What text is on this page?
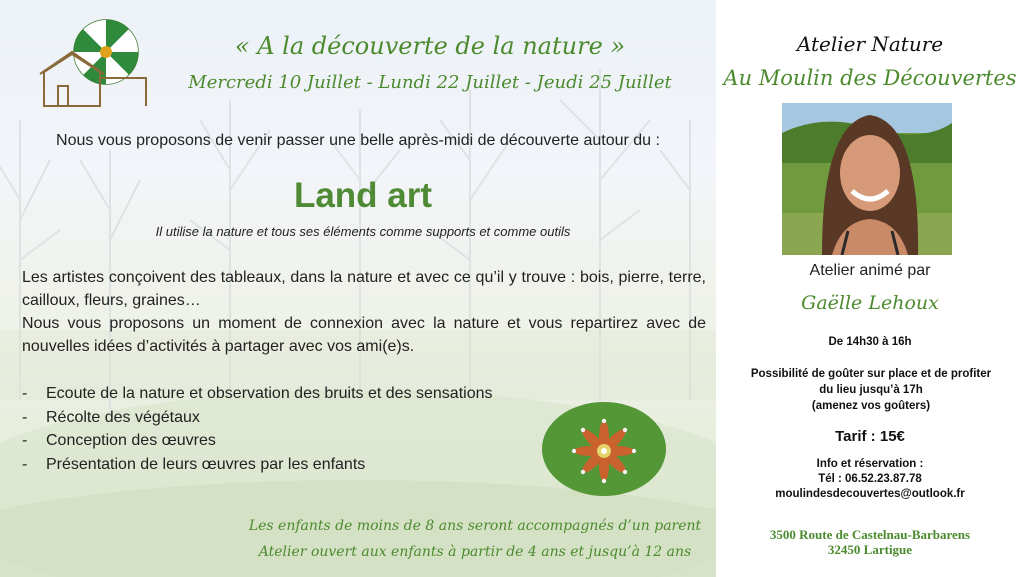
« A la découverte de la nature »
Mercredi 10 Juillet - Lundi 22 Juillet - Jeudi 25 Juillet
Nous vous proposons de venir passer une belle après-midi de découverte autour du :
Land art
Il utilise la nature et tous ses éléments comme supports et comme outils

Les artistes conçoivent des tableaux, dans la nature et avec ce qu’il y trouve : bois, pierre, terre, cailloux, fleurs, graines…

Nous vous proposons un moment de connexion avec la nature et vous repartirez avec de nouvelles idées d’activités à partager avec vos ami(e)s.

-	Ecoute de la nature et observation des bruits et des sensations
-	Récolte des végétaux
-	Conception des œuvres
-	Présentation de leurs œuvres par les enfants
Les enfants de moins de 8 ans seront accompagnés d’un parent
Atelier ouvert aux enfants à partir de 4 ans et jusqu’à 12 ans
Atelier Nature
Au Moulin des Découvertes
Atelier animé par
Gaëlle Lehoux
De 14h30 à 16h
Possibilité de goûter sur place et de profiter
du lieu jusqu’à 17h
(amenez vos goûters)
Tarif : 15€
Info et réservation :
Tél : 06.52.23.87.78
moulindesdecouvertes@outlook.fr
3500 Route de Castelnau-Barbarens
32450 Lartigue
